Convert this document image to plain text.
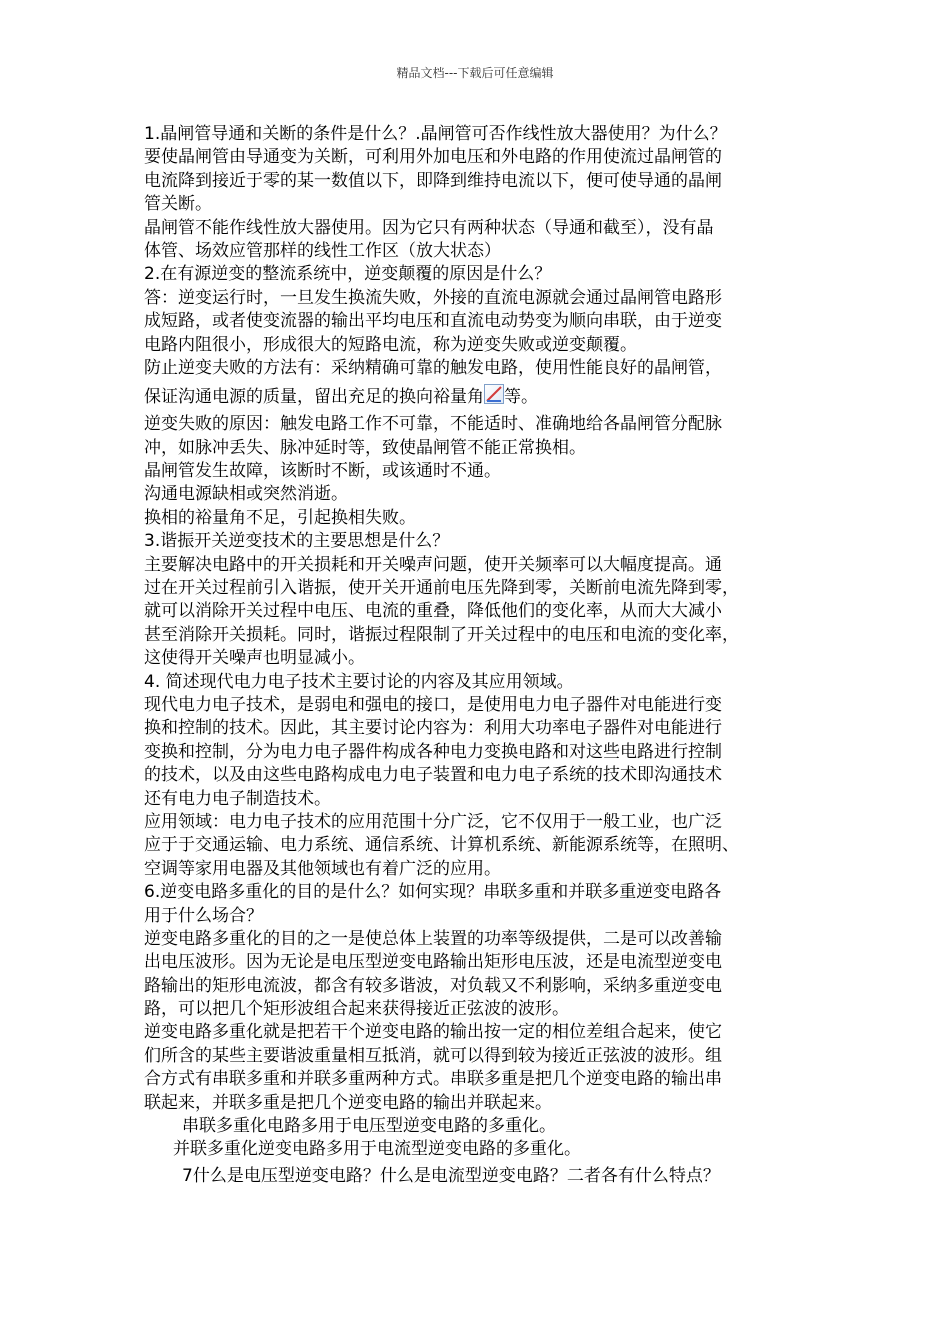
精品文档---下载后可任意编辑
1.晶闸管导通和关断的条件是什么？.晶闸管可否作线性放大器使用？为什么？
要使晶闸管由导通变为关断，可利用外加电压和外电路的作用使流过晶闸管的
电流降到接近于零的某一数值以下，即降到维持电流以下，便可使导通的晶闸
管关断。
晶闸管不能作线性放大器使用。因为它只有两种状态（导通和截至），没有晶
体管、场效应管那样的线性工作区（放大状态）
2.在有源逆变的整流系统中，逆变颠覆的原因是什么？
答：逆变运行时，一旦发生换流失败，外接的直流电源就会通过晶闸管电路形
成短路，或者使变流器的输出平均电压和直流电动势变为顺向串联，由于逆变
电路内阻很小，形成很大的短路电流，称为逆变失败或逆变颠覆。
防止逆变夫败的方法有：采纳精确可靠的触发电路，使用性能良好的晶闸管，
保证沟通电源的质量，留出充足的换向裕量角 等。
逆变失败的原因：触发电路工作不可靠，不能适时、准确地给各晶闸管分配脉
冲，如脉冲丢失、脉冲延时等，致使晶闸管不能正常换相。
晶闸管发生故障，该断时不断，或该通时不通。
沟通电源缺相或突然消逝。
换相的裕量角不足，引起换相失败。
3.谐振开关逆变技术的主要思想是什么？
主要解决电路中的开关损耗和开关噪声问题，使开关频率可以大幅度提高。通
过在开关过程前引入谐振，使开关开通前电压先降到零，关断前电流先降到零，
就可以消除开关过程中电压、电流的重叠，降低他们的变化率，从而大大减小
甚至消除开关损耗。同时，谐振过程限制了开关过程中的电压和电流的变化率，
这使得开关噪声也明显减小。
4. 简述现代电力电子技术主要讨论的内容及其应用领域。
现代电力电子技术，是弱电和强电的接口，是使用电力电子器件对电能进行变
换和控制的技术。因此，其主要讨论内容为：利用大功率电子器件对电能进行
变换和控制，分为电力电子器件构成各种电力变换电路和对这些电路进行控制
的技术，以及由这些电路构成电力电子装置和电力电子系统的技术即沟通技术
还有电力电子制造技术。
应用领域：电力电子技术的应用范围十分广泛，它不仅用于一般工业，也广泛
应于于交通运输、电力系统、通信系统、计算机系统、新能源系统等，在照明、
空调等家用电器及其他领域也有着广泛的应用。
6.逆变电路多重化的目的是什么？如何实现？串联多重和并联多重逆变电路各
用于什么场合？
逆变电路多重化的目的之一是使总体上装置的功率等级提供，二是可以改善输
出电压波形。因为无论是电压型逆变电路输出矩形电压波，还是电流型逆变电
路输出的矩形电流波，都含有较多谐波，对负载又不利影响，采纳多重逆变电
路，可以把几个矩形波组合起来获得接近正弦波的波形。
逆变电路多重化就是把若干个逆变电路的输出按一定的相位差组合起来，使它
们所含的某些主要谐波重量相互抵消，就可以得到较为接近正弦波的波形。组
合方式有串联多重和并联多重两种方式。串联多重是把几个逆变电路的输出串
联起来，并联多重是把几个逆变电路的输出并联起来。
串联多重化电路多用于电压型逆变电路的多重化。
并联多重化逆变电路多用于电流型逆变电路的多重化。
7什么是电压型逆变电路？什么是电流型逆变电路？二者各有什么特点？
